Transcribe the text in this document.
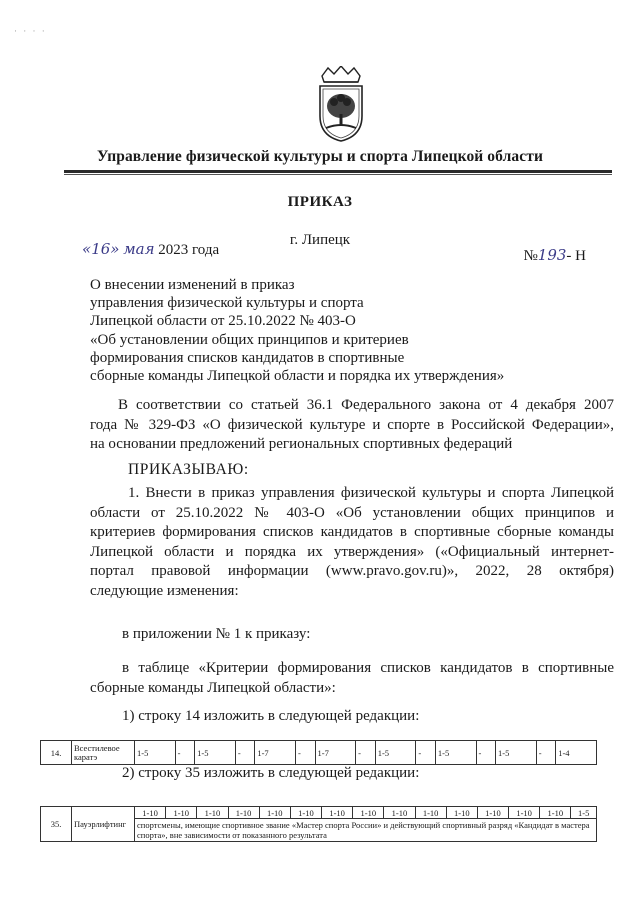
· · · ·
Управление физической культуры и спорта Липецкой области
ПРИКАЗ
г. Липецк
«16» мая 2023 года	№193- Н
О внесении изменений в приказ
управления физической культуры и спорта
Липецкой области от 25.10.2022 № 403-О
«Об установлении общих принципов и критериев
формирования списков кандидатов в спортивные
сборные команды Липецкой области и порядка их утверждения»
В соответствии со статьей 36.1 Федерального закона от 4 декабря 2007
года № 329-ФЗ «О физической культуре и спорте в Российской Федерации»,
на основании предложений региональных спортивных федераций
ПРИКАЗЫВАЮ:
1. Внести в приказ управления физической культуры и спорта Липецкой
области от 25.10.2022 № 403-О «Об установлении общих принципов и
критериев формирования списков кандидатов в спортивные сборные команды
Липецкой области и порядка их утверждения» («Официальный интернет-
портал правовой информации (www.pravo.gov.ru)», 2022, 28 октября)
следующие изменения:
в приложении № 1 к приказу:
в таблице «Критерии формирования списков кандидатов в спортивные
сборные команды Липецкой области»:
1) строку 14 изложить в следующей редакции:
14.	Всестилевое каратэ	1-5	-	1-5	-	1-7	-	1-7	-	1-5	-	1-5	-	1-5	-	1-4
2) строку 35 изложить в следующей редакции:
35.	Пауэрлифтинг	1-10	1-10	1-10	1-10	1-10	1-10	1-10	1-10	1-10	1-10	1-10	1-10	1-10	1-10	1-5
спортсмены, имеющие спортивное звание «Мастер спорта России» и действующий спортивный разряд «Кандидат в мастера спорта», вне зависимости от показанного результата
